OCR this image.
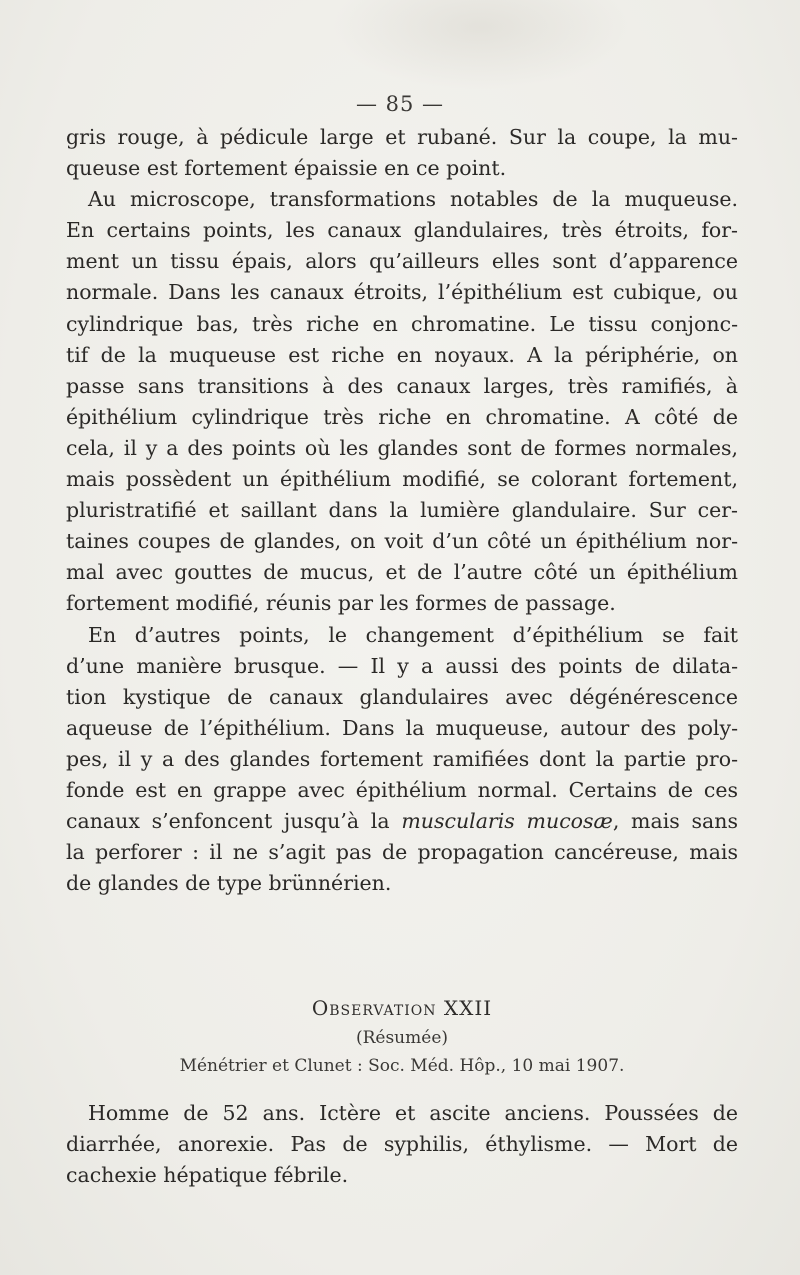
— 85 —
gris rouge, à pédicule large et rubané. Sur la coupe, la mu-
queuse est fortement épaissie en ce point.
Au microscope, transformations notables de la muqueuse.
En certains points, les canaux glandulaires, très étroits, for-
ment un tissu épais, alors qu’ailleurs elles sont d’apparence
normale. Dans les canaux étroits, l’épithélium est cubique, ou
cylindrique bas, très riche en chromatine. Le tissu conjonc-
tif de la muqueuse est riche en noyaux. A la périphérie, on
passe sans transitions à des canaux larges, très ramifiés, à
épithélium cylindrique très riche en chromatine. A côté de
cela, il y a des points où les glandes sont de formes normales,
mais possèdent un épithélium modifié, se colorant fortement,
pluristratifié et saillant dans la lumière glandulaire. Sur cer-
taines coupes de glandes, on voit d’un côté un épithélium nor-
mal avec gouttes de mucus, et de l’autre côté un épithélium
fortement modifié, réunis par les formes de passage.
En d’autres points, le changement d’épithélium se fait
d’une manière brusque. — Il y a aussi des points de dilata-
tion kystique de canaux glandulaires avec dégénérescence
aqueuse de l’épithélium. Dans la muqueuse, autour des poly-
pes, il y a des glandes fortement ramifiées dont la partie pro-
fonde est en grappe avec épithélium normal. Certains de ces
canaux s’enfoncent jusqu’à la muscularis mucosæ, mais sans
la perforer : il ne s’agit pas de propagation cancéreuse, mais
de glandes de type brünnérien.

Observation XXII

(Résumée)

Ménétrier et Clunet : Soc. Méd. Hôp., 10 mai 1907.

Homme de 52 ans. Ictère et ascite anciens. Poussées de
diarrhée, anorexie. Pas de syphilis, éthylisme. — Mort de
cachexie hépatique fébrile.
